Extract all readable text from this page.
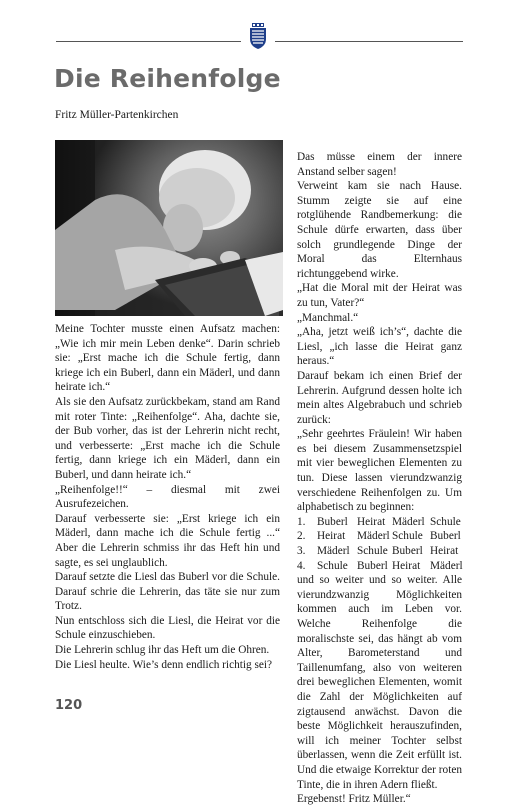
Die Reihenfolge
Fritz Müller-Partenkirchen

Meine Tochter musste einen Aufsatz machen: „Wie ich mir mein Leben denke“. Darin schrieb sie: „Erst mache ich die Schule fertig, dann kriege ich ein Buberl, dann ein Mäderl, und dann heirate ich.“

Als sie den Aufsatz zurückbekam, stand am Rand mit roter Tinte: „Reihenfolge“. Aha, dachte sie, der Bub vorher, das ist der Lehrerin nicht recht, und verbesserte: „Erst mache ich die Schule fertig, dann kriege ich ein Mäderl, dann ein Buberl, und dann heirate ich.“

„Reihenfolge!!“ – diesmal mit zwei Ausrufezeichen.

Darauf verbesserte sie: „Erst kriege ich ein Mäderl, dann mache ich die Schule fertig ...“ Aber die Lehrerin schmiss ihr das Heft hin und sagte, es sei unglaublich.

Darauf setzte die Liesl das Buberl vor die Schule. Darauf schrie die Lehrerin, das täte sie nur zum Trotz.

Nun entschloss sich die Liesl, die Heirat vor die Schule einzuschieben.

Die Lehrerin schlug ihr das Heft um die Ohren.

Die Liesl heulte. Wie’s denn endlich richtig sei?

Das müsse einem der innere Anstand selber sagen!

Verweint kam sie nach Hause. Stumm zeigte sie auf eine rotglühende Randbemerkung: die Schule dürfe erwarten, dass über solch grundlegende Dinge der Moral das Elternhaus richtunggebend wirke.

„Hat die Moral mit der Heirat was zu tun, Vater?“

„Manchmal.“

„Aha, jetzt weiß ich’s“, dachte die Liesl, „ich lasse die Heirat ganz heraus.“

Darauf bekam ich einen Brief der Lehrerin. Aufgrund dessen holte ich mein altes Algebrabuch und schrieb zurück:

„Sehr geehrtes Fräulein! Wir haben es bei diesem Zusammensetzspiel mit vier beweglichen Elementen zu tun. Diese lassen vierundzwanzig verschiedene Reihenfolgen zu. Um alphabetisch zu beginnen:

1.	Buberl Heirat Mäderl Schule
2.	Heirat	Mäderl Schule Buberl
3.	Mäderl Schule Buberl Heirat
4.	Schule Buberl Heirat Mäderl

und so weiter und so weiter. Alle vierundzwanzig Möglichkeiten kommen auch im Leben vor. Welche Reihenfolge die moralischste sei, das hängt ab vom Alter, Barometerstand und Taillenumfang, also von weiteren drei beweglichen Elementen, womit die Zahl der Möglichkeiten auf zigtausend anwächst. Davon die beste Möglichkeit herauszufinden, will ich meiner Tochter selbst überlassen, wenn die Zeit erfüllt ist. Und die etwaige Korrektur der roten Tinte, die in ihren Adern fließt.

Ergebenst! Fritz Müller.“

120
